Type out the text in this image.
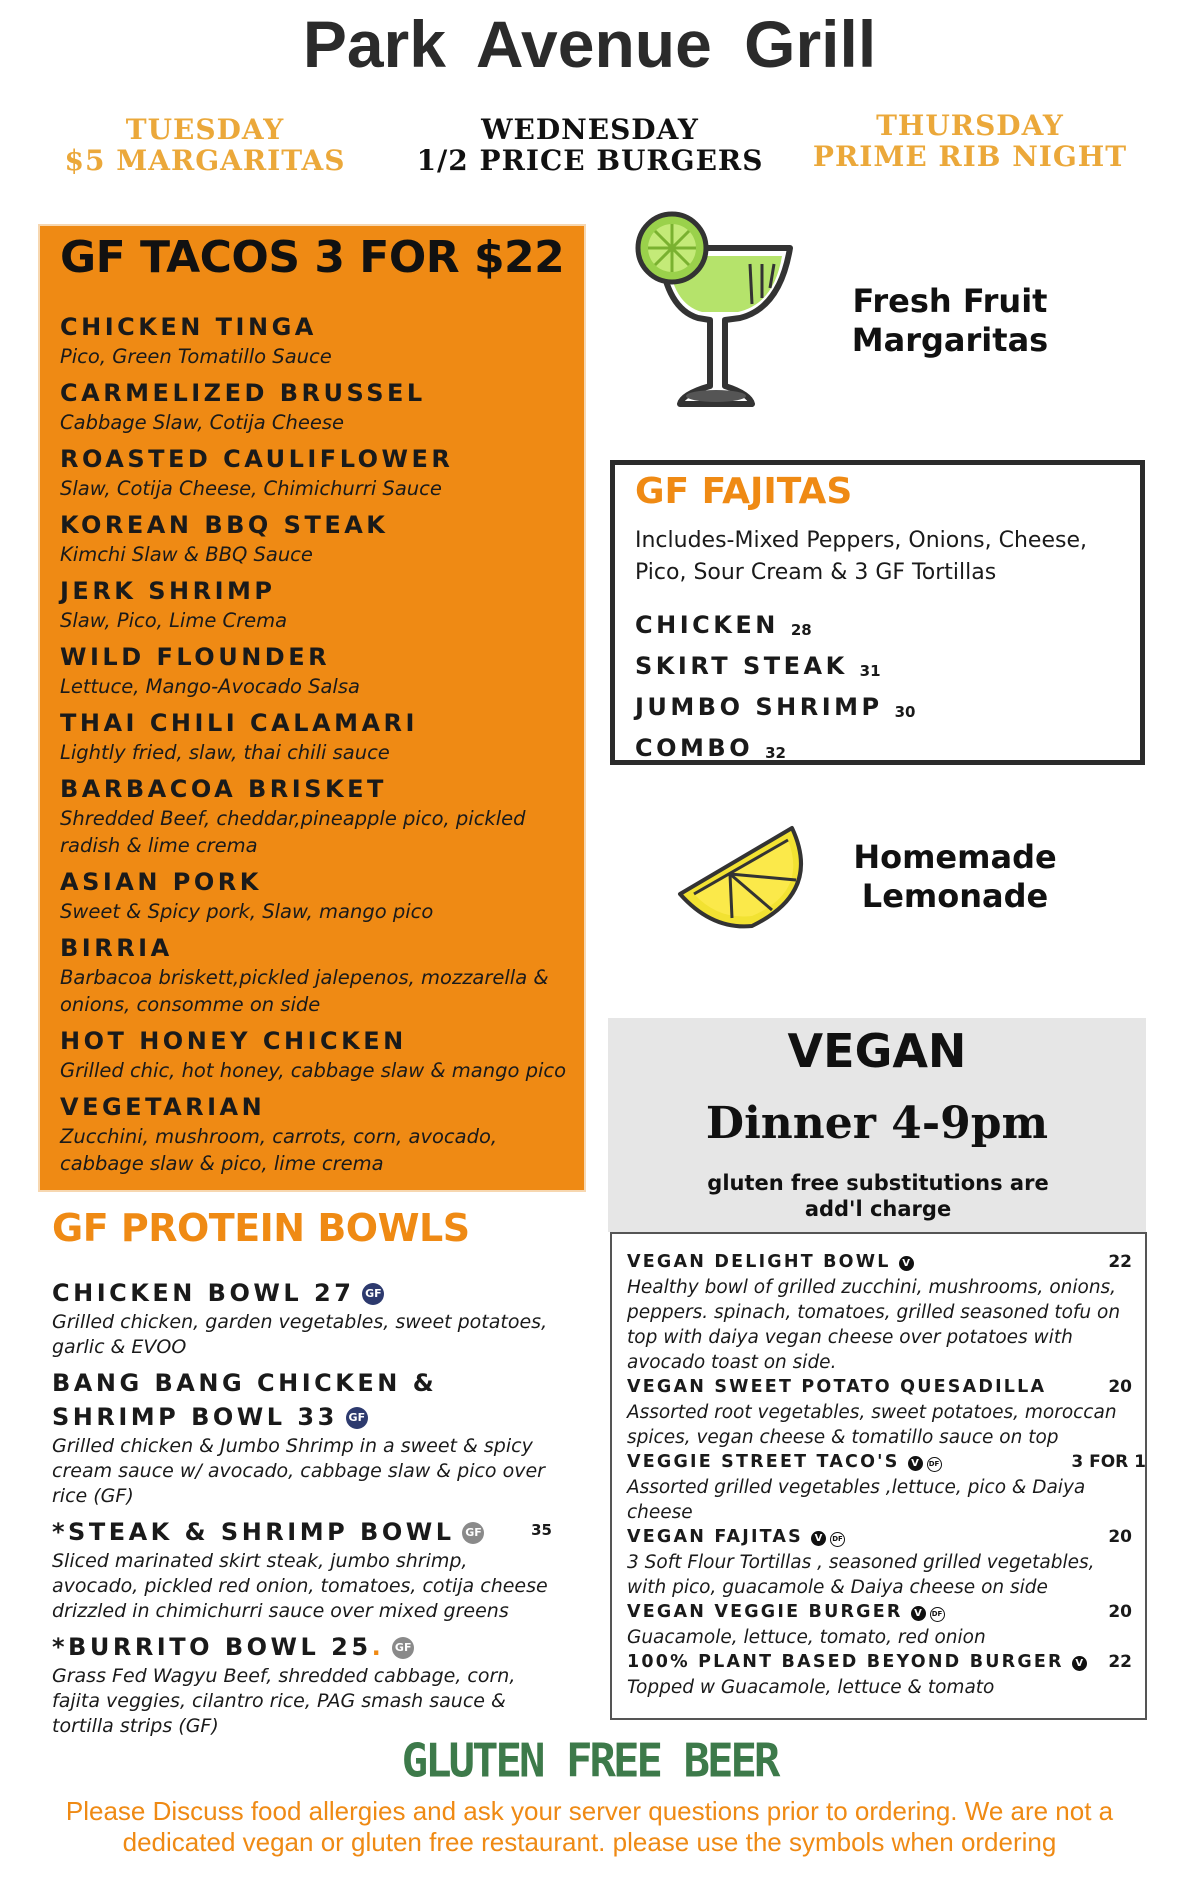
Park Avenue Grill
TUESDAY
$5 MARGARITAS
WEDNESDAY
1/2 PRICE BURGERS
THURSDAY
PRIME RIB NIGHT
GF TACOS 3 FOR $22
CHICKEN TINGA
Pico, Green Tomatillo Sauce
CARMELIZED BRUSSEL
Cabbage Slaw, Cotija Cheese
ROASTED CAULIFLOWER
Slaw, Cotija Cheese, Chimichurri Sauce
KOREAN BBQ STEAK
Kimchi Slaw & BBQ Sauce
JERK SHRIMP
Slaw, Pico, Lime Crema
WILD FLOUNDER
Lettuce, Mango-Avocado Salsa
THAI CHILI CALAMARI
Lightly fried, slaw, thai chili sauce
BARBACOA BRISKET
Shredded Beef, cheddar,pineapple pico, pickled radish & lime crema
ASIAN PORK
Sweet & Spicy pork, Slaw, mango pico
BIRRIA
Barbacoa briskett,pickled jalepenos, mozzarella & onions, consomme on side
HOT HONEY CHICKEN
Grilled chic, hot honey, cabbage slaw & mango pico
VEGETARIAN
Zucchini, mushroom, carrots, corn, avocado, cabbage slaw & pico, lime crema
Fresh Fruit
Margaritas
GF FAJITAS
Includes-Mixed Peppers, Onions, Cheese, Pico, Sour Cream & 3 GF Tortillas
CHICKEN 28
SKIRT STEAK 31
JUMBO SHRIMP 30
COMBO 32
Homemade
Lemonade
VEGAN
Dinner 4-9pm
gluten free substitutions are add'l charge
VEGAN DELIGHT BOWL V	22
Healthy bowl of grilled zucchini, mushrooms, onions, peppers. spinach, tomatoes, grilled seasoned tofu on top with daiya vegan cheese over potatoes with avocado toast on side.
VEGAN SWEET POTATO QUESADILLA	20
Assorted root vegetables, sweet potatoes, moroccan spices, vegan cheese & tomatillo sauce on top
VEGGIE STREET TACO'S V DF	3 FOR 1
Assorted grilled vegetables ,lettuce, pico & Daiya cheese
VEGAN FAJITAS V DF	20
3 Soft Flour Tortillas , seasoned grilled vegetables, with pico, guacamole & Daiya cheese on side
VEGAN VEGGIE BURGER V DF	20
Guacamole, lettuce, tomato, red onion
100% PLANT BASED BEYOND BURGER V	22
Topped w Guacamole, lettuce & tomato
GF PROTEIN BOWLS
CHICKEN BOWL 27 GF
Grilled chicken, garden vegetables, sweet potatoes, garlic & EVOO
BANG BANG CHICKEN &
SHRIMP BOWL 33 GF
Grilled chicken & Jumbo Shrimp in a sweet & spicy cream sauce w/ avocado, cabbage slaw & pico over rice (GF)
*STEAK & SHRIMP BOWL GF	35
Sliced marinated skirt steak, jumbo shrimp, avocado, pickled red onion, tomatoes, cotija cheese drizzled in chimichurri sauce over mixed greens
*BURRITO BOWL 25. GF
Grass Fed Wagyu Beef, shredded cabbage, corn, fajita veggies, cilantro rice, PAG smash sauce & tortilla strips (GF)
GLUTEN FREE BEER
Please Discuss food allergies and ask your server questions prior to ordering. We are not a dedicated vegan or gluten free restaurant. please use the symbols when ordering
